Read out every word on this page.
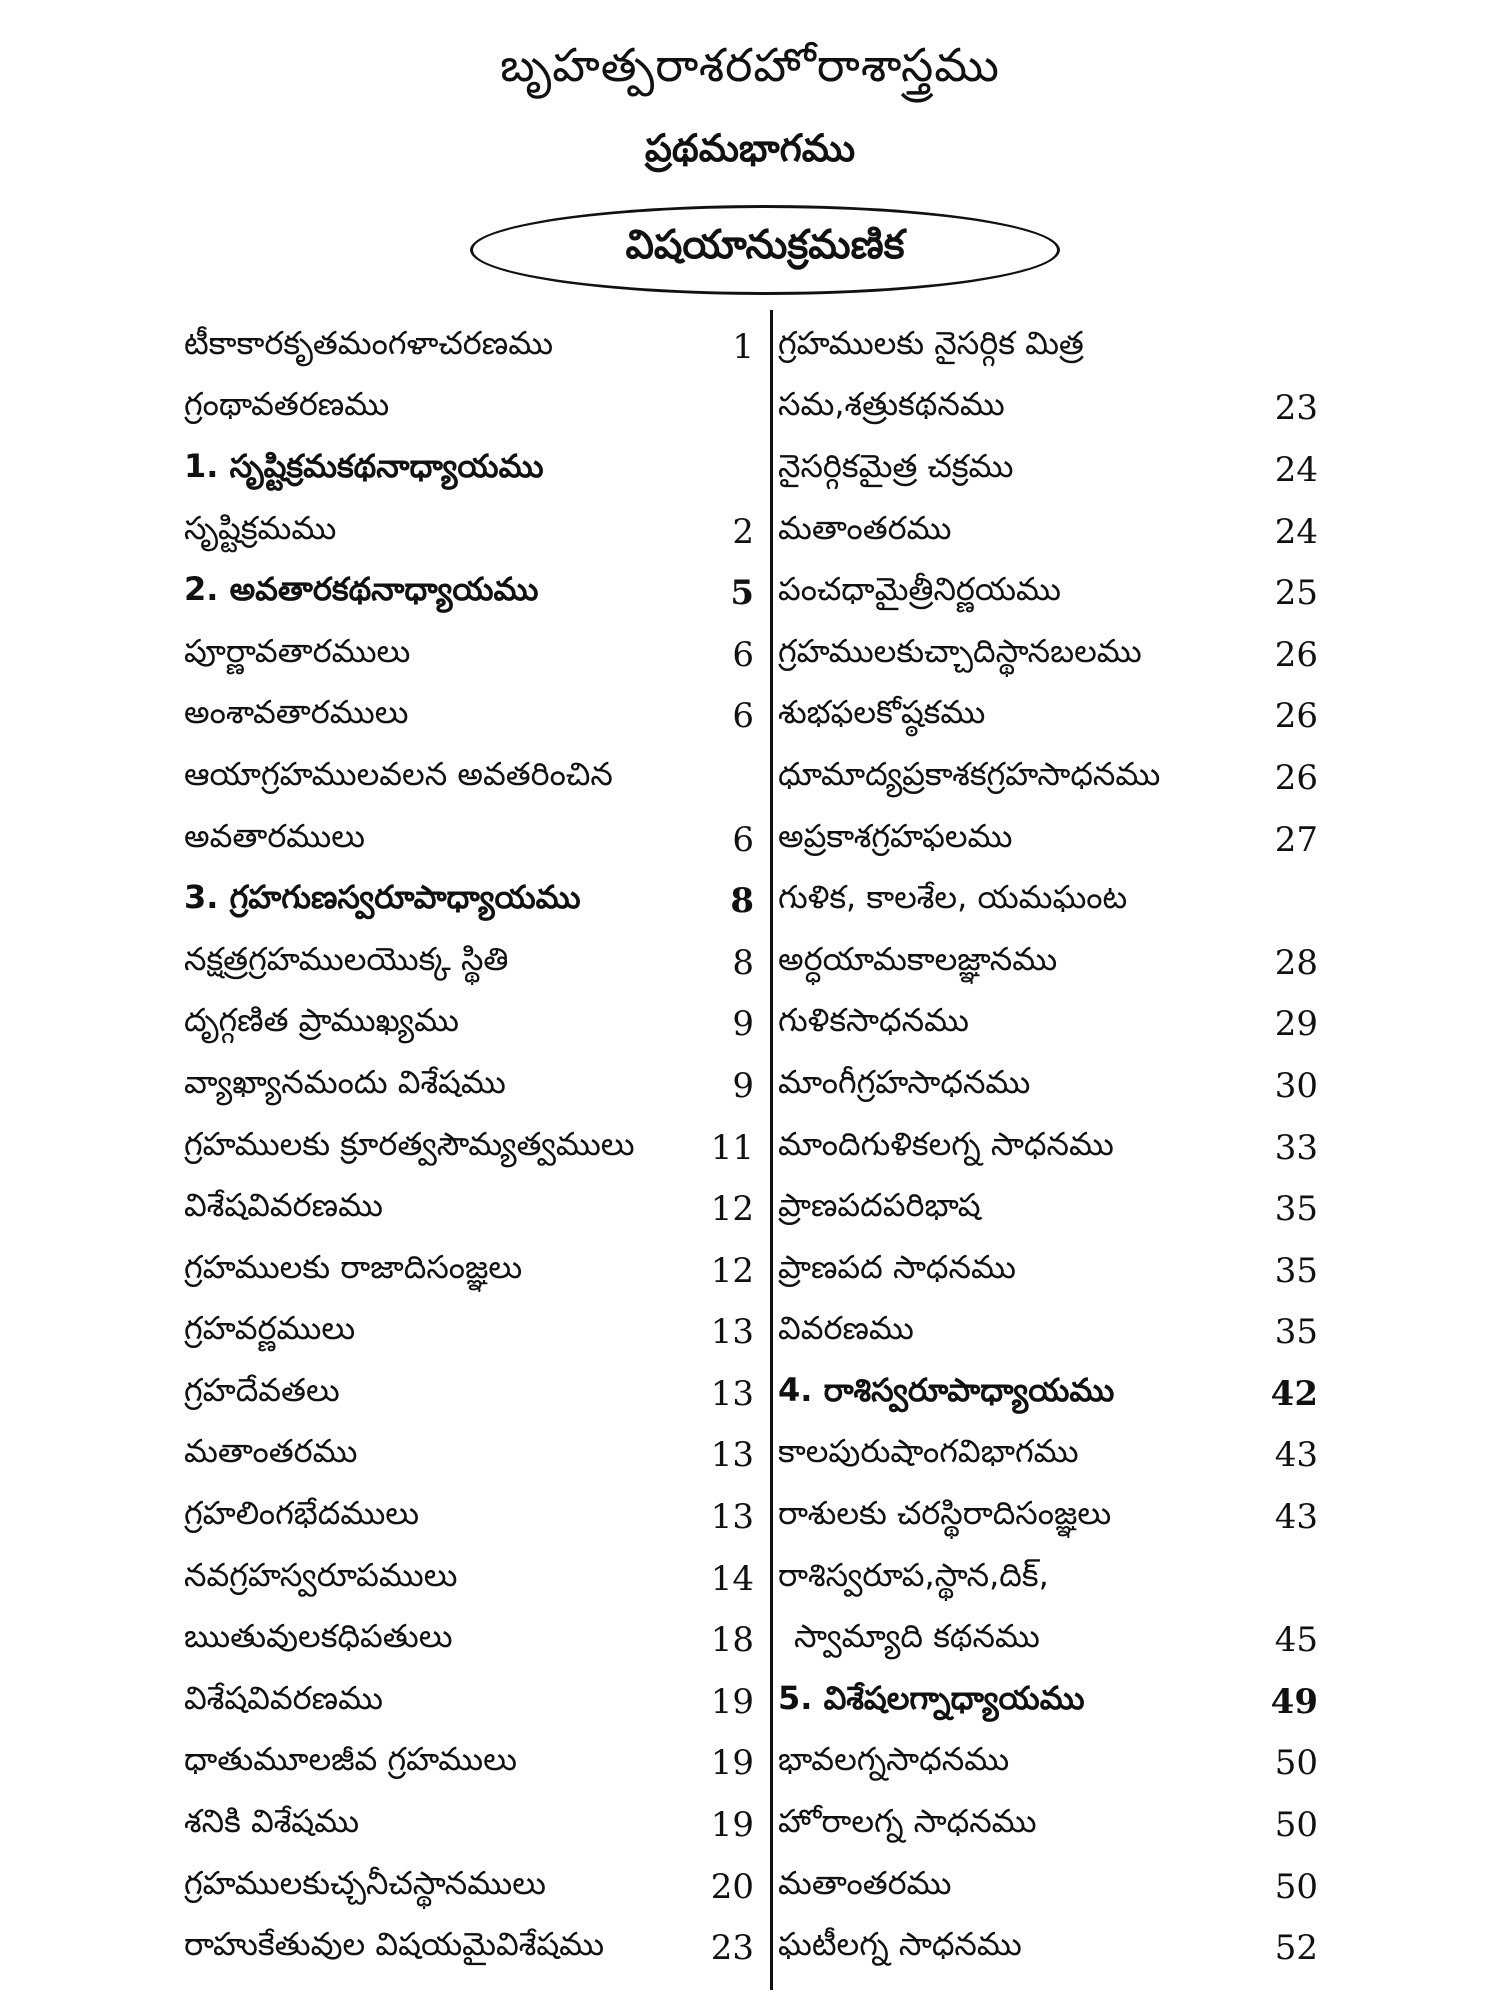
బృహత్పరాశరహోరాశాస్త్రము
ప్రథమభాగము
విషయానుక్రమణిక
టీకాకారకృతమంగళాచరణము	1
గ్రంథావతరణము
1. సృష్టిక్రమకథనాధ్యాయము
సృష్టిక్రమము	2
2. అవతారకథనాధ్యాయము	5
పూర్ణావతారములు	6
అంశావతారములు	6
ఆయాగ్రహములవలన అవతరించిన
అవతారములు	6
3. గ్రహగుణస్వరూపాధ్యాయము	8
నక్షత్రగ్రహములయొక్క స్థితి	8
దృగ్గణిత ప్రాముఖ్యము	9
వ్యాఖ్యానమందు విశేషము	9
గ్రహములకు క్రూరత్వసౌమ్యత్వములు	11
విశేషవివరణము	12
గ్రహములకు రాజాదిసంజ్ఞలు	12
గ్రహవర్ణములు	13
గ్రహదేవతలు	13
మతాంతరము	13
గ్రహలింగభేదములు	13
నవగ్రహస్వరూపములు	14
ఋతువులకధిపతులు	18
విశేషవివరణము	19
ధాతుమూలజీవ గ్రహములు	19
శనికి విశేషము	19
గ్రహములకుచ్చనీచస్థానములు	20
రాహుకేతువుల విషయమైవిశేషము	23
గ్రహములకు నైసర్గిక మిత్ర
సమ,శత్రుకథనము	23
నైసర్గికమైత్ర చక్రము	24
మతాంతరము	24
పంచధామైత్రీనిర్ణయము	25
గ్రహములకుచ్చాదిస్థానబలము	26
శుభఫలకోష్ఠకము	26
ధూమాద్యప్రకాశకగ్రహసాధనము	26
అప్రకాశగ్రహఫలము	27
గుళిక, కాలశేల, యమఘంట
అర్ధయామకాలజ్ఞానము	28
గుళికసాధనము	29
మాంగీగ్రహసాధనము	30
మాందిగుళికలగ్న సాధనము	33
ప్రాణపదపరిభాష	35
ప్రాణపద సాధనము	35
వివరణము	35
4. రాశిస్వరూపాధ్యాయము	42
కాలపురుషాంగవిభాగము	43
రాశులకు చరస్థిరాదిసంజ్ఞలు	43
రాశిస్వరూప,స్థాన,దిక్,
స్వామ్యాది కథనము	45
5. విశేషలగ్నాధ్యాయము	49
భావలగ్నసాధనము	50
హోరాలగ్న సాధనము	50
మతాంతరము	50
ఘటీలగ్న సాధనము	52
